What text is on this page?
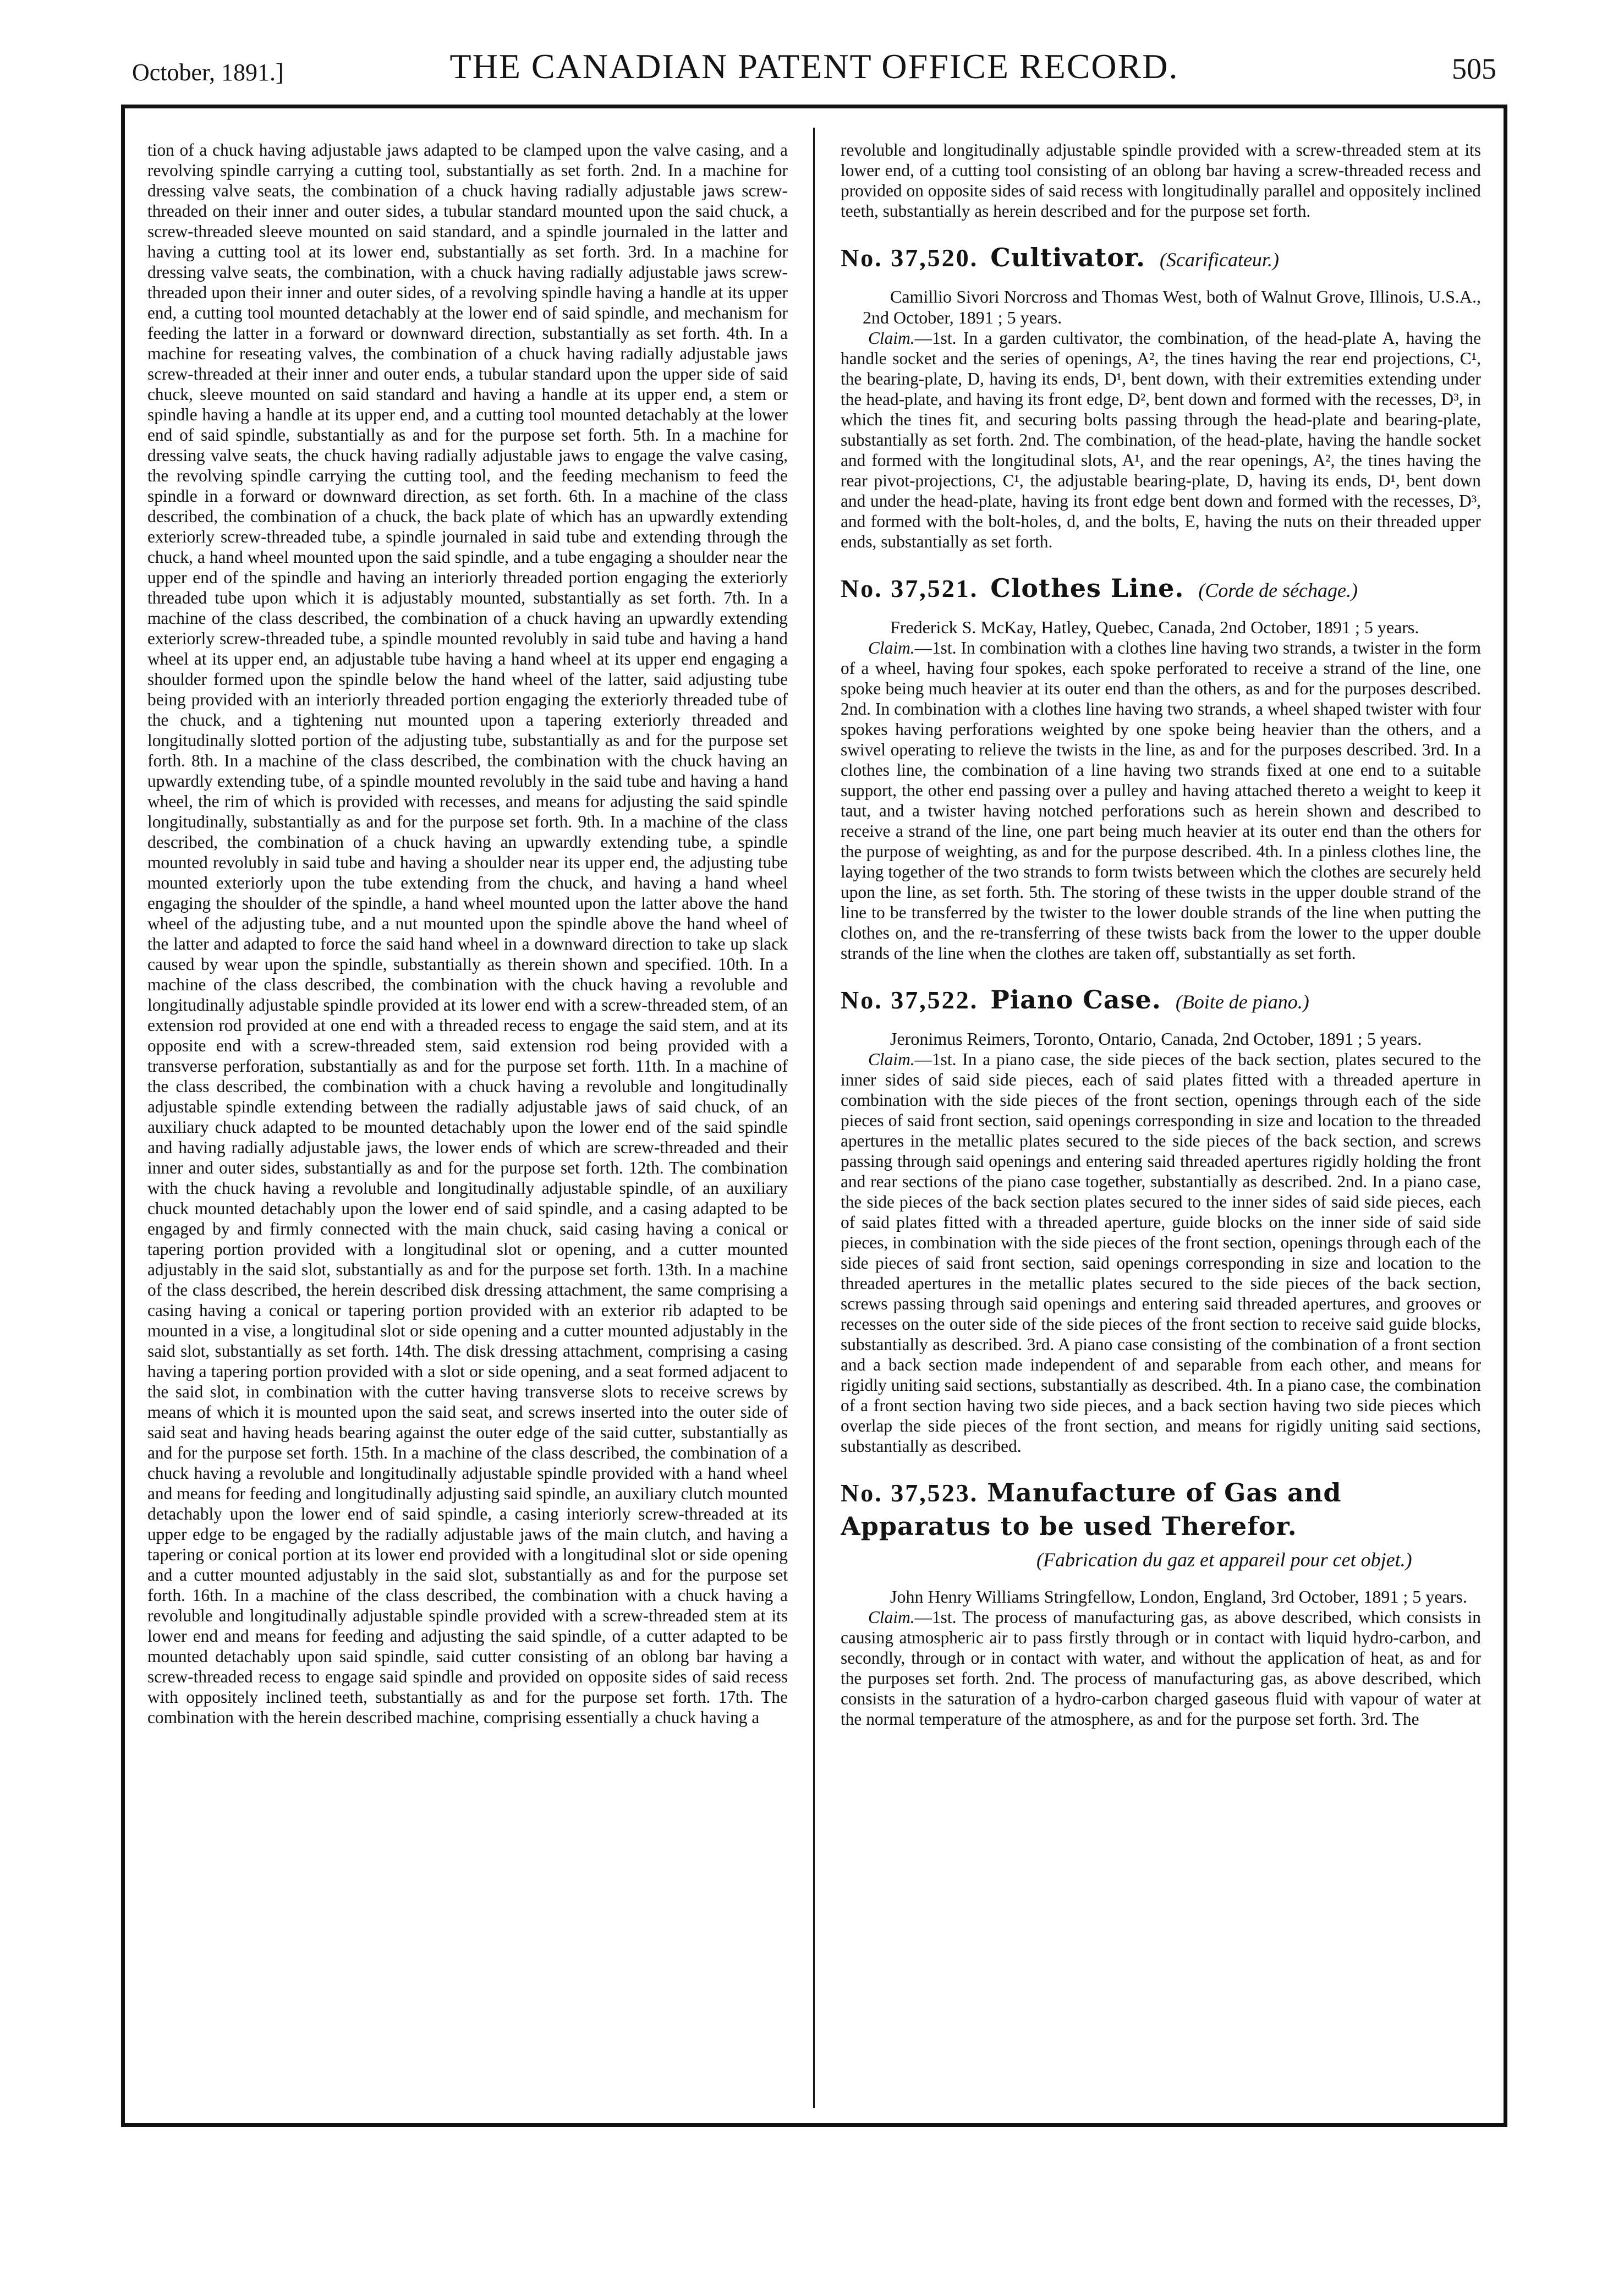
October, 1891.]	THE CANADIAN PATENT OFFICE RECORD.	505

tion of a chuck having adjustable jaws adapted to be clamped upon the valve casing, and a revolving spindle carrying a cutting tool, substantially as set forth. 2nd. In a machine for dressing valve seats, the combination of a chuck having radially adjustable jaws screw-threaded on their inner and outer sides, a tubular standard mounted upon the said chuck, a screw-threaded sleeve mounted on said standard, and a spindle journaled in the latter and having a cutting tool at its lower end, substantially as set forth. 3rd. In a machine for dressing valve seats, the combination, with a chuck having radially adjustable jaws screw-threaded upon their inner and outer sides, of a revolving spindle having a handle at its upper end, a cutting tool mounted detachably at the lower end of said spindle, and mechanism for feeding the latter in a forward or downward direction, substantially as set forth. 4th. In a machine for reseating valves, the combination of a chuck having radially adjustable jaws screw-threaded at their inner and outer ends, a tubular standard upon the upper side of said chuck, sleeve mounted on said standard and having a handle at its upper end, a stem or spindle having a handle at its upper end, and a cutting tool mounted detachably at the lower end of said spindle, substantially as and for the purpose set forth. 5th. In a machine for dressing valve seats, the chuck having radially adjustable jaws to engage the valve casing, the revolving spindle carrying the cutting tool, and the feeding mechanism to feed the spindle in a forward or downward direction, as set forth. 6th. In a machine of the class described, the combination of a chuck, the back plate of which has an upwardly extending exteriorly screw-threaded tube, a spindle journaled in said tube and extending through the chuck, a hand wheel mounted upon the said spindle, and a tube engaging a shoulder near the upper end of the spindle and having an interiorly threaded portion engaging the exteriorly threaded tube upon which it is adjustably mounted, substantially as set forth. 7th. In a machine of the class described, the combination of a chuck having an upwardly extending exteriorly screw-threaded tube, a spindle mounted revolubly in said tube and having a hand wheel at its upper end, an adjustable tube having a hand wheel at its upper end engaging a shoulder formed upon the spindle below the hand wheel of the latter, said adjusting tube being provided with an interiorly threaded portion engaging the exteriorly threaded tube of the chuck, and a tightening nut mounted upon a tapering exteriorly threaded and longitudinally slotted portion of the adjusting tube, substantially as and for the purpose set forth. 8th. In a machine of the class described, the combination with the chuck having an upwardly extending tube, of a spindle mounted revolubly in the said tube and having a hand wheel, the rim of which is provided with recesses, and means for adjusting the said spindle longitudinally, substantially as and for the purpose set forth. 9th. In a machine of the class described, the combination of a chuck having an upwardly extending tube, a spindle mounted revolubly in said tube and having a shoulder near its upper end, the adjusting tube mounted exteriorly upon the tube extending from the chuck, and having a hand wheel engaging the shoulder of the spindle, a hand wheel mounted upon the latter above the hand wheel of the adjusting tube, and a nut mounted upon the spindle above the hand wheel of the latter and adapted to force the said hand wheel in a downward direction to take up slack caused by wear upon the spindle, substantially as therein shown and specified. 10th. In a machine of the class described, the combination with the chuck having a revoluble and longitudinally adjustable spindle provided at its lower end with a screw-threaded stem, of an extension rod provided at one end with a threaded recess to engage the said stem, and at its opposite end with a screw-threaded stem, said extension rod being provided with a transverse perforation, substantially as and for the purpose set forth. 11th. In a machine of the class described, the combination with a chuck having a revoluble and longitudinally adjustable spindle extending between the radially adjustable jaws of said chuck, of an auxiliary chuck adapted to be mounted detachably upon the lower end of the said spindle and having radially adjustable jaws, the lower ends of which are screw-threaded and their inner and outer sides, substantially as and for the purpose set forth. 12th. The combination with the chuck having a revoluble and longitudinally adjustable spindle, of an auxiliary chuck mounted detachably upon the lower end of said spindle, and a casing adapted to be engaged by and firmly connected with the main chuck, said casing having a conical or tapering portion provided with a longitudinal slot or opening, and a cutter mounted adjustably in the said slot, substantially as and for the purpose set forth. 13th. In a machine of the class described, the herein described disk dressing attachment, the same comprising a casing having a conical or tapering portion provided with an exterior rib adapted to be mounted in a vise, a longitudinal slot or side opening and a cutter mounted adjustably in the said slot, substantially as set forth. 14th. The disk dressing attachment, comprising a casing having a tapering portion provided with a slot or side opening, and a seat formed adjacent to the said slot, in combination with the cutter having transverse slots to receive screws by means of which it is mounted upon the said seat, and screws inserted into the outer side of said seat and having heads bearing against the outer edge of the said cutter, substantially as and for the purpose set forth. 15th. In a machine of the class described, the combination of a chuck having a revoluble and longitudinally adjustable spindle provided with a hand wheel and means for feeding and longitudinally adjusting said spindle, an auxiliary clutch mounted detachably upon the lower end of said spindle, a casing interiorly screw-threaded at its upper edge to be engaged by the radially adjustable jaws of the main clutch, and having a tapering or conical portion at its lower end provided with a longitudinal slot or side opening and a cutter mounted adjustably in the said slot, substantially as and for the purpose set forth. 16th. In a machine of the class described, the combination with a chuck having a revoluble and longitudinally adjustable spindle provided with a screw-threaded stem at its lower end and means for feeding and adjusting the said spindle, of a cutter adapted to be mounted detachably upon said spindle, said cutter consisting of an oblong bar having a screw-threaded recess to engage said spindle and provided on opposite sides of said recess with oppositely inclined teeth, substantially as and for the purpose set forth. 17th. The combination with the herein described machine, comprising essentially a chuck having a

revoluble and longitudinally adjustable spindle provided with a screw-threaded stem at its lower end, of a cutting tool consisting of an oblong bar having a screw-threaded recess and provided on opposite sides of said recess with longitudinally parallel and oppositely inclined teeth, substantially as herein described and for the purpose set forth.

No. 37,520. Cultivator. (Scarificateur.)

Camillio Sivori Norcross and Thomas West, both of Walnut Grove, Illinois, U.S.A., 2nd October, 1891 ; 5 years.

Claim.—1st. In a garden cultivator, the combination, of the head-plate A, having the handle socket and the series of openings, A², the tines having the rear end projections, C¹, the bearing-plate, D, having its ends, D¹, bent down, with their extremities extending under the head-plate, and having its front edge, D², bent down and formed with the recesses, D³, in which the tines fit, and securing bolts passing through the head-plate and bearing-plate, substantially as set forth. 2nd. The combination, of the head-plate, having the handle socket and formed with the longitudinal slots, A¹, and the rear openings, A², the tines having the rear pivot-projections, C¹, the adjustable bearing-plate, D, having its ends, D¹, bent down and under the head-plate, having its front edge bent down and formed with the recesses, D³, and formed with the bolt-holes, d, and the bolts, E, having the nuts on their threaded upper ends, substantially as set forth.

No. 37,521. Clothes Line. (Corde de séchage.)

Frederick S. McKay, Hatley, Quebec, Canada, 2nd October, 1891 ; 5 years.

Claim.—1st. In combination with a clothes line having two strands, a twister in the form of a wheel, having four spokes, each spoke perforated to receive a strand of the line, one spoke being much heavier at its outer end than the others, as and for the purposes described. 2nd. In combination with a clothes line having two strands, a wheel shaped twister with four spokes having perforations weighted by one spoke being heavier than the others, and a swivel operating to relieve the twists in the line, as and for the purposes described. 3rd. In a clothes line, the combination of a line having two strands fixed at one end to a suitable support, the other end passing over a pulley and having attached thereto a weight to keep it taut, and a twister having notched perforations such as herein shown and described to receive a strand of the line, one part being much heavier at its outer end than the others for the purpose of weighting, as and for the purpose described. 4th. In a pinless clothes line, the laying together of the two strands to form twists between which the clothes are securely held upon the line, as set forth. 5th. The storing of these twists in the upper double strand of the line to be transferred by the twister to the lower double strands of the line when putting the clothes on, and the re-transferring of these twists back from the lower to the upper double strands of the line when the clothes are taken off, substantially as set forth.

No. 37,522. Piano Case. (Boite de piano.)

Jeronimus Reimers, Toronto, Ontario, Canada, 2nd October, 1891 ; 5 years.

Claim.—1st. In a piano case, the side pieces of the back section, plates secured to the inner sides of said side pieces, each of said plates fitted with a threaded aperture in combination with the side pieces of the front section, openings through each of the side pieces of said front section, said openings corresponding in size and location to the threaded apertures in the metallic plates secured to the side pieces of the back section, and screws passing through said openings and entering said threaded apertures rigidly holding the front and rear sections of the piano case together, substantially as described. 2nd. In a piano case, the side pieces of the back section plates secured to the inner sides of said side pieces, each of said plates fitted with a threaded aperture, guide blocks on the inner side of said side pieces, in combination with the side pieces of the front section, openings through each of the side pieces of said front section, said openings corresponding in size and location to the threaded apertures in the metallic plates secured to the side pieces of the back section, screws passing through said openings and entering said threaded apertures, and grooves or recesses on the outer side of the side pieces of the front section to receive said guide blocks, substantially as described. 3rd. A piano case consisting of the combination of a front section and a back section made independent of and separable from each other, and means for rigidly uniting said sections, substantially as described. 4th. In a piano case, the combination of a front section having two side pieces, and a back section having two side pieces which overlap the side pieces of the front section, and means for rigidly uniting said sections, substantially as described.

No. 37,523. Manufacture of Gas and Apparatus to be used Therefor.
(Fabrication du gaz et appareil pour cet objet.)

John Henry Williams Stringfellow, London, England, 3rd October, 1891 ; 5 years.

Claim.—1st. The process of manufacturing gas, as above described, which consists in causing atmospheric air to pass firstly through or in contact with liquid hydro-carbon, and secondly, through or in contact with water, and without the application of heat, as and for the purposes set forth. 2nd. The process of manufacturing gas, as above described, which consists in the saturation of a hydro-carbon charged gaseous fluid with vapour of water at the normal temperature of the atmosphere, as and for the purpose set forth. 3rd. The
